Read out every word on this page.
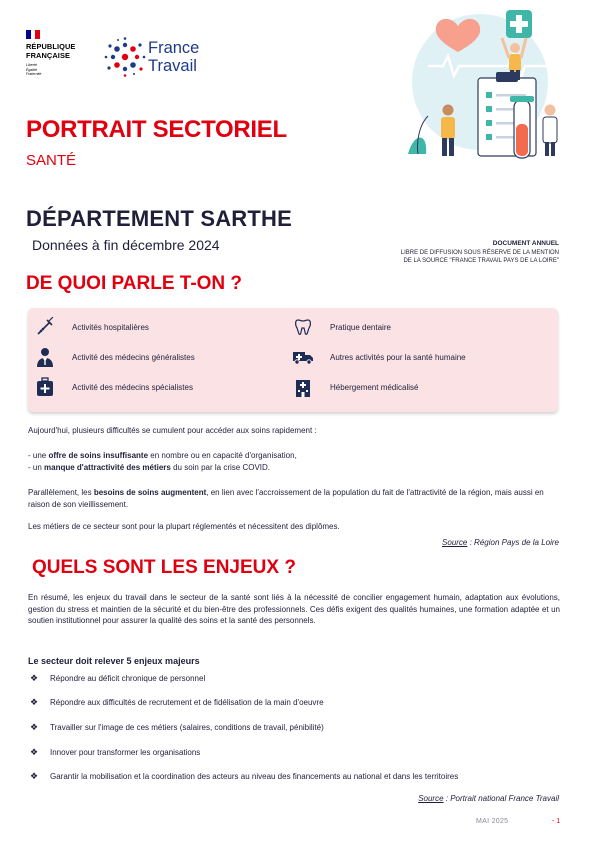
RÉPUBLIQUE
FRANÇAISE
Liberté
Égalité
Fraternité
France
Travail
PORTRAIT SECTORIEL
SANTÉ
DÉPARTEMENT SARTHE
Données à fin décembre 2024	DOCUMENT ANNUEL
LIBRE DE DIFFUSION SOUS RÉSERVE DE LA MENTION
DE LA SOURCE "FRANCE TRAVAIL PAYS DE LA LOIRE"
DE QUOI PARLE T-ON ?
Activités hospitalières	Pratique dentaire
Activité des médecins généralistes	Autres activités pour la santé humaine
Activité des médecins spécialistes	Hébergement médicalisé
Aujourd'hui, plusieurs difficultés se cumulent pour accéder aux soins rapidement :
- une offre de soins insuffisante en nombre ou en capacité d'organisation,
- un manque d'attractivité des métiers du soin par la crise COVID.
Parallèlement, les besoins de soins augmentent, en lien avec l'accroissement de la population du fait de l'attractivité de la région, mais aussi en raison de son vieillissement.
Les métiers de ce secteur sont pour la plupart réglementés et nécessitent des diplômes.
Source : Région Pays de la Loire
QUELS SONT LES ENJEUX ?
En résumé, les enjeux du travail dans le secteur de la santé sont liés à la nécessité de concilier engagement humain, adaptation aux évolutions, gestion du stress et maintien de la sécurité et du bien-être des professionnels. Ces défis exigent des qualités humaines, une formation adaptée et un soutien institutionnel pour assurer la qualité des soins et la santé des personnels.
Le secteur doit relever 5 enjeux majeurs
❖	Répondre au déficit chronique de personnel
❖	Répondre aux difficultés de recrutement et de fidélisation de la main d'oeuvre
❖	Travailler sur l'image de ces métiers (salaires, conditions de travail, pénibilité)
❖	Innover pour transformer les organisations
❖	Garantir la mobilisation et la coordination des acteurs au niveau des financements au national et dans les territoires
Source : Portrait national France Travail
MAI 2025	- 1
